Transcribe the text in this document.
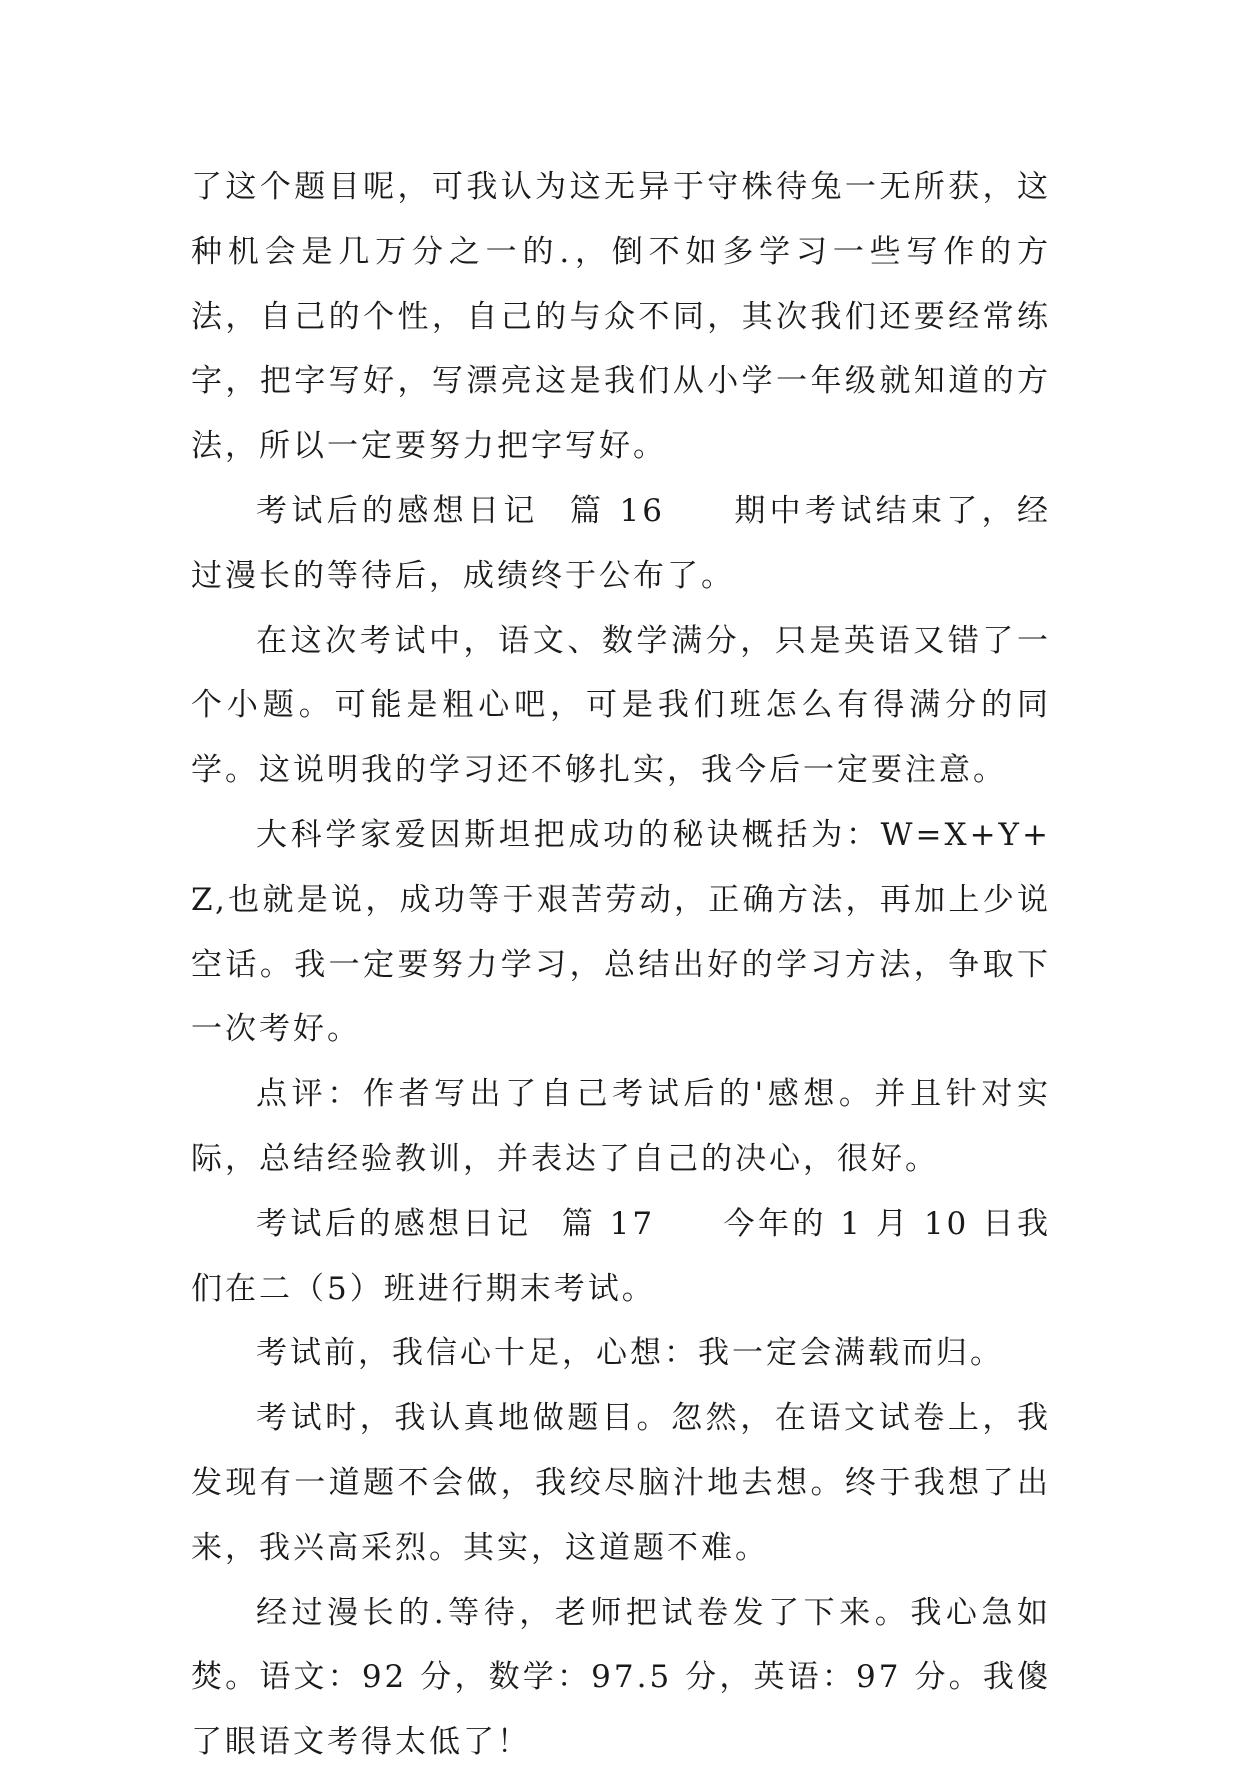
了这个题目呢，可我认为这无异于守株待兔一无所获，这种机会是几万分之一的.，倒不如多学习一些写作的方法，自己的个性，自己的与众不同，其次我们还要经常练字，把字写好，写漂亮这是我们从小学一年级就知道的方法，所以一定要努力把字写好。

考试后的感想日记 篇 16 期中考试结束了，经过漫长的等待后，成绩终于公布了。

在这次考试中，语文、数学满分，只是英语又错了一个小题。可能是粗心吧，可是我们班怎么有得满分的同学。这说明我的学习还不够扎实，我今后一定要注意。

大科学家爱因斯坦把成功的秘诀概括为：W=X+Y+Z,也就是说，成功等于艰苦劳动，正确方法，再加上少说空话。我一定要努力学习，总结出好的学习方法，争取下一次考好。

点评：作者写出了自己考试后的'感想。并且针对实际，总结经验教训，并表达了自己的决心，很好。

考试后的感想日记 篇 17 今年的 1 月 10 日我们在二（5）班进行期末考试。

考试前，我信心十足，心想：我一定会满载而归。

考试时，我认真地做题目。忽然，在语文试卷上，我发现有一道题不会做，我绞尽脑汁地去想。终于我想了出来，我兴高采烈。其实，这道题不难。

经过漫长的.等待，老师把试卷发了下来。我心急如焚。语文：92 分，数学：97.5 分，英语：97 分。我傻了眼语文考得太低了！
